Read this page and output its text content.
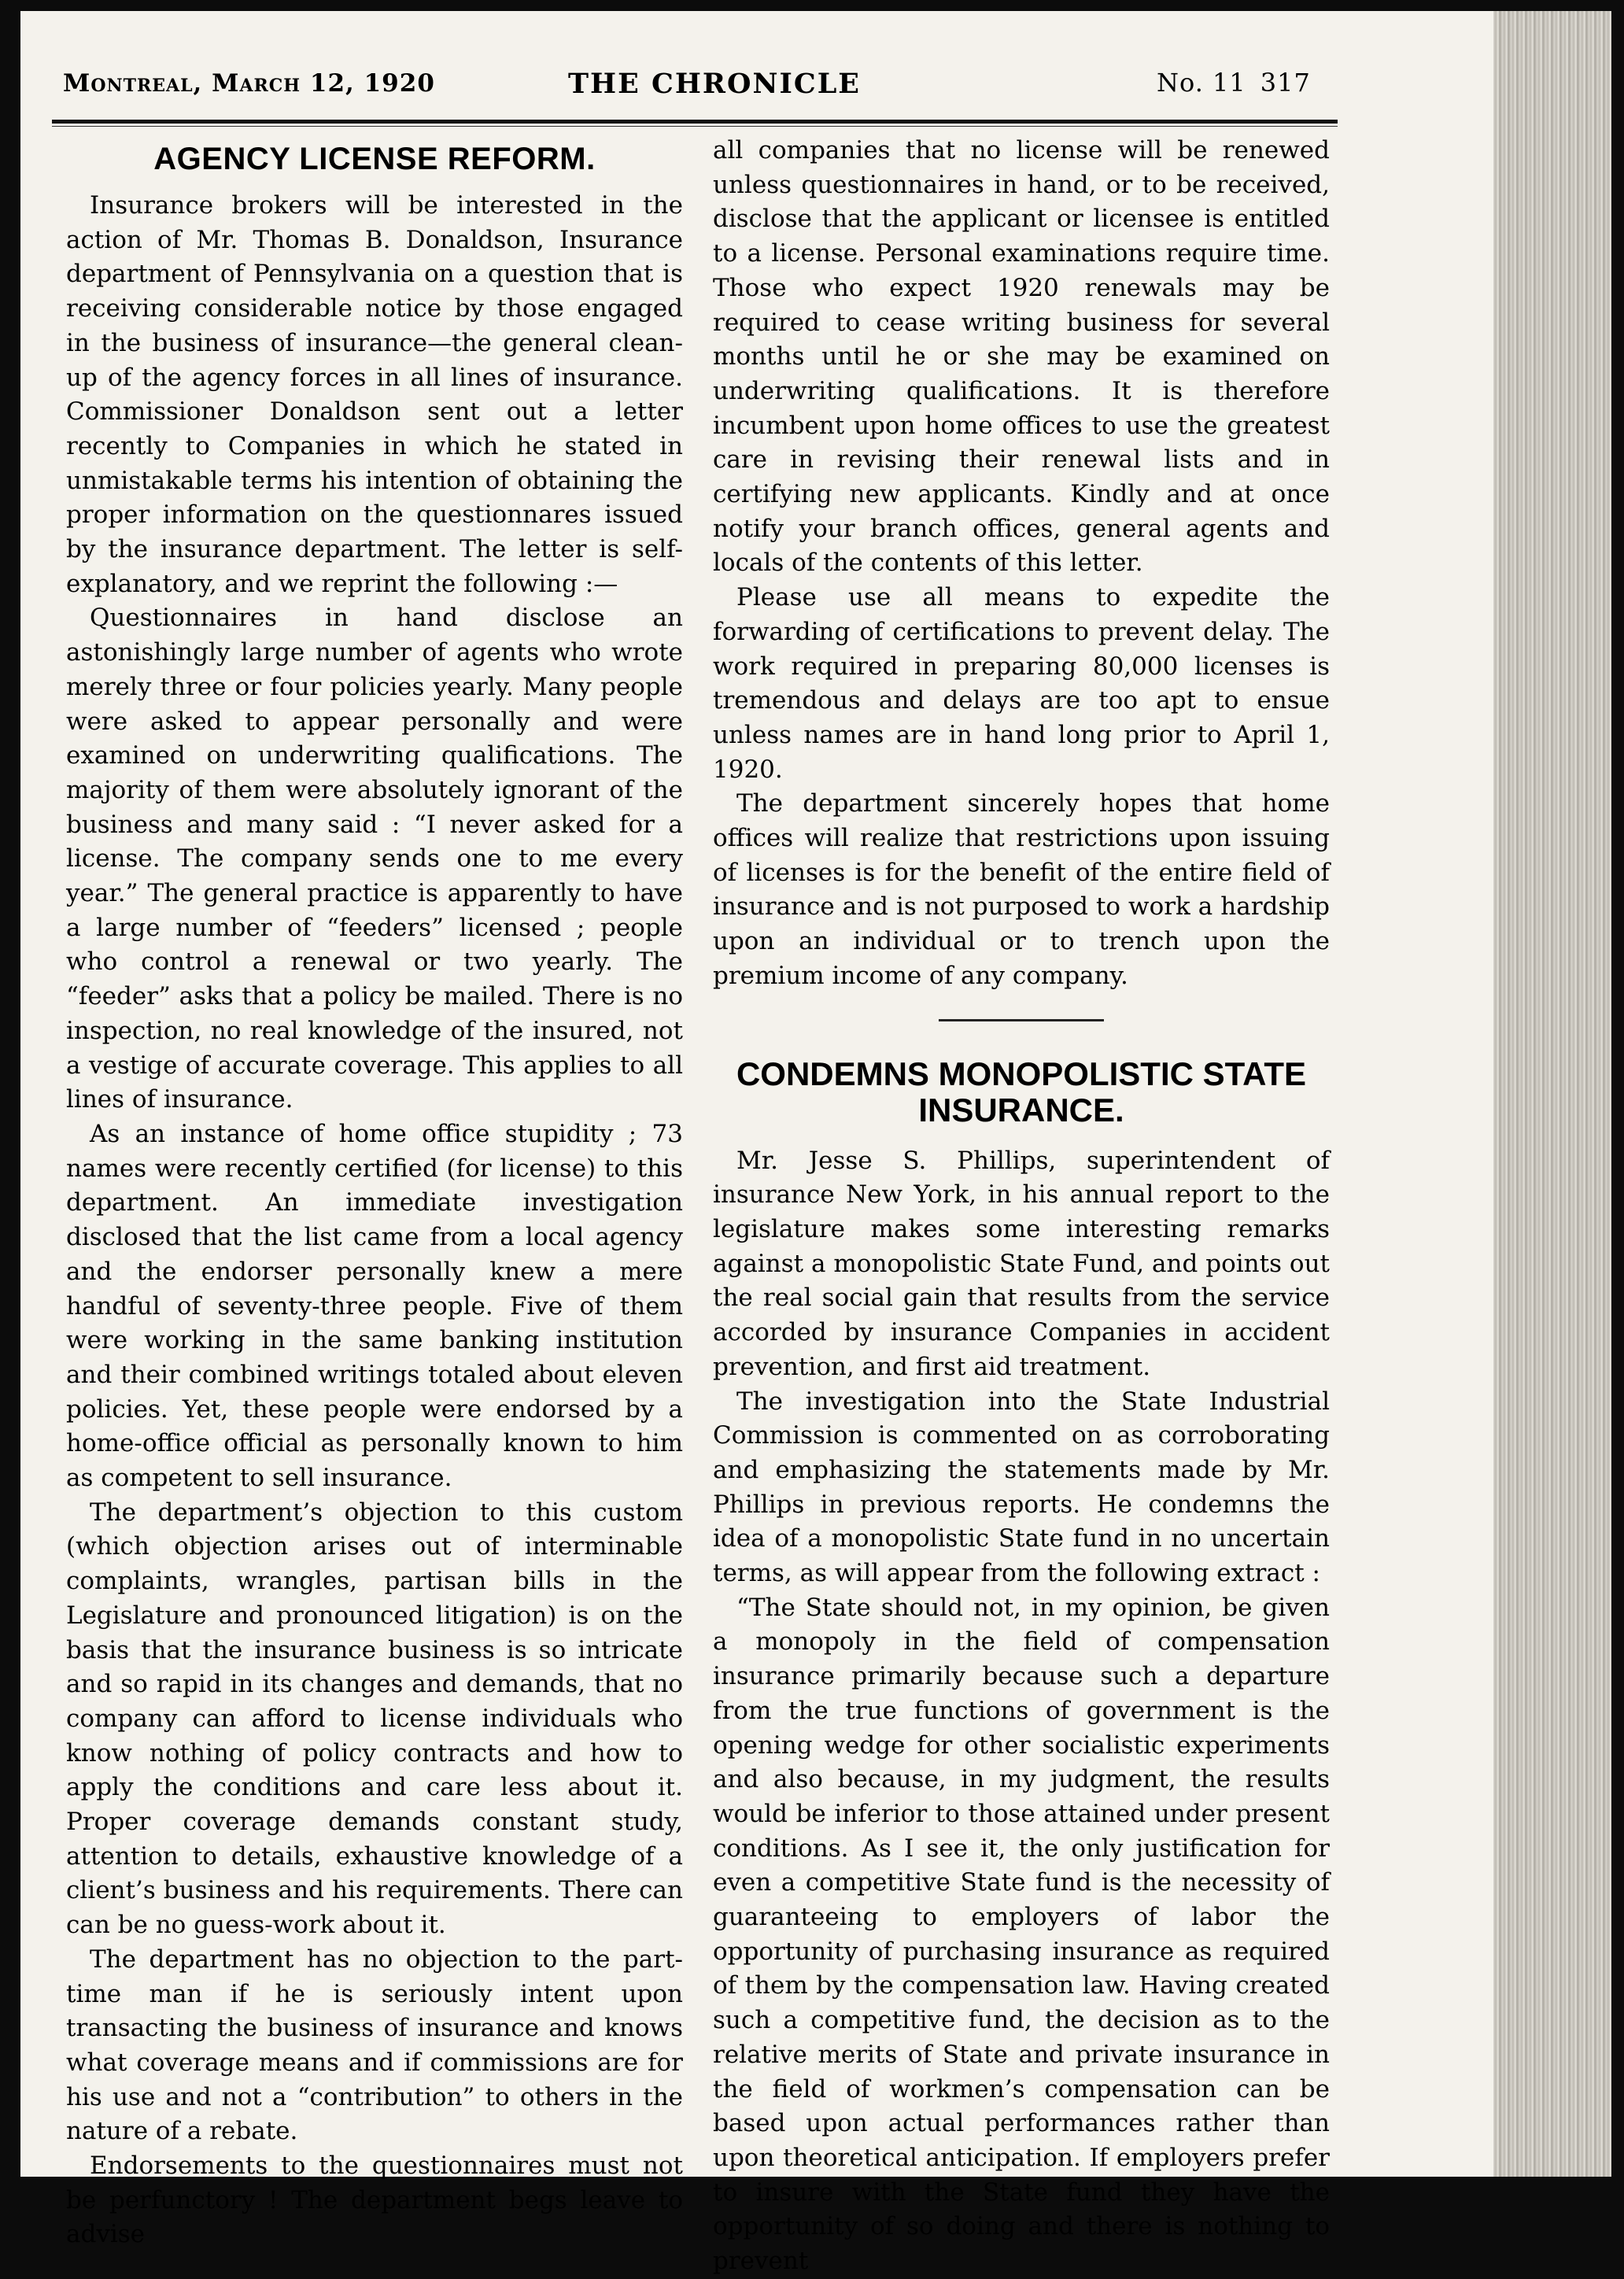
Montreal, March 12, 1920	THE CHRONICLE	No. 11 317
AGENCY LICENSE REFORM.

Insurance brokers will be interested in the action of Mr. Thomas B. Donaldson, Insurance department of Pennsylvania on a question that is receiving considerable notice by those engaged in the business of insurance—the general clean-up of the agency forces in all lines of insurance. Commissioner Donaldson sent out a letter recently to Companies in which he stated in unmistakable terms his intention of obtaining the proper information on the questionnares issued by the insurance department. The letter is self-explanatory, and we reprint the following :—

Questionnaires in hand disclose an astonishingly large number of agents who wrote merely three or four policies yearly. Many people were asked to appear personally and were examined on underwriting qualifications. The majority of them were absolutely ignorant of the business and many said : “I never asked for a license. The company sends one to me every year.” The general practice is apparently to have a large number of “feeders” licensed ; people who control a renewal or two yearly. The “feeder” asks that a policy be mailed. There is no inspection, no real knowledge of the insured, not a vestige of accurate coverage. This applies to all lines of insurance.

As an instance of home office stupidity ; 73 names were recently certified (for license) to this department. An immediate investigation disclosed that the list came from a local agency and the endorser personally knew a mere handful of seventy-three people. Five of them were working in the same banking institution and their combined writings totaled about eleven policies. Yet, these people were endorsed by a home-office official as personally known to him as competent to sell insurance.

The department’s objection to this custom (which objection arises out of interminable complaints, wrangles, partisan bills in the Legislature and pronounced litigation) is on the basis that the insurance business is so intricate and so rapid in its changes and demands, that no company can afford to license individuals who know nothing of policy contracts and how to apply the conditions and care less about it. Proper coverage demands constant study, attention to details, exhaustive knowledge of a client’s business and his requirements. There can can be no guess-work about it.

The department has no objection to the part-time man if he is seriously intent upon transacting the business of insurance and knows what coverage means and if commissions are for his use and not a “contribution” to others in the nature of a rebate.

Endorsements to the questionnaires must not be perfunctory ! The department begs leave to advise

all companies that no license will be renewed unless questionnaires in hand, or to be received, disclose that the applicant or licensee is entitled to a license. Personal examinations require time. Those who expect 1920 renewals may be required to cease writing business for several months until he or she may be examined on underwriting qualifications. It is therefore incumbent upon home offices to use the greatest care in revising their renewal lists and in certifying new applicants. Kindly and at once notify your branch offices, general agents and locals of the contents of this letter.

Please use all means to expedite the forwarding of certifications to prevent delay. The work required in preparing 80,000 licenses is tremendous and delays are too apt to ensue unless names are in hand long prior to April 1, 1920.

The department sincerely hopes that home offices will realize that restrictions upon issuing of licenses is for the benefit of the entire field of insurance and is not purposed to work a hardship upon an individual or to trench upon the premium income of any company.

CONDEMNS MONOPOLISTIC STATE INSURANCE.

Mr. Jesse S. Phillips, superintendent of insurance New York, in his annual report to the legislature makes some interesting remarks against a monopolistic State Fund, and points out the real social gain that results from the service accorded by insurance Companies in accident prevention, and first aid treatment.

The investigation into the State Industrial Commission is commented on as corroborating and emphasizing the statements made by Mr. Phillips in previous reports. He condemns the idea of a monopolistic State fund in no uncertain terms, as will appear from the following extract :

“The State should not, in my opinion, be given a monopoly in the field of compensation insurance primarily because such a departure from the true functions of government is the opening wedge for other socialistic experiments and also because, in my judgment, the results would be inferior to those attained under present conditions. As I see it, the only justification for even a competitive State fund is the necessity of guaranteeing to employers of labor the opportunity of purchasing insurance as required of them by the compensation law. Having created such a competitive fund, the decision as to the relative merits of State and private insurance in the field of workmen’s compensation can be based upon actual performances rather than upon theoretical anticipation. If employers prefer to insure with the State fund they have the opportunity of so doing and there is nothing to prevent
